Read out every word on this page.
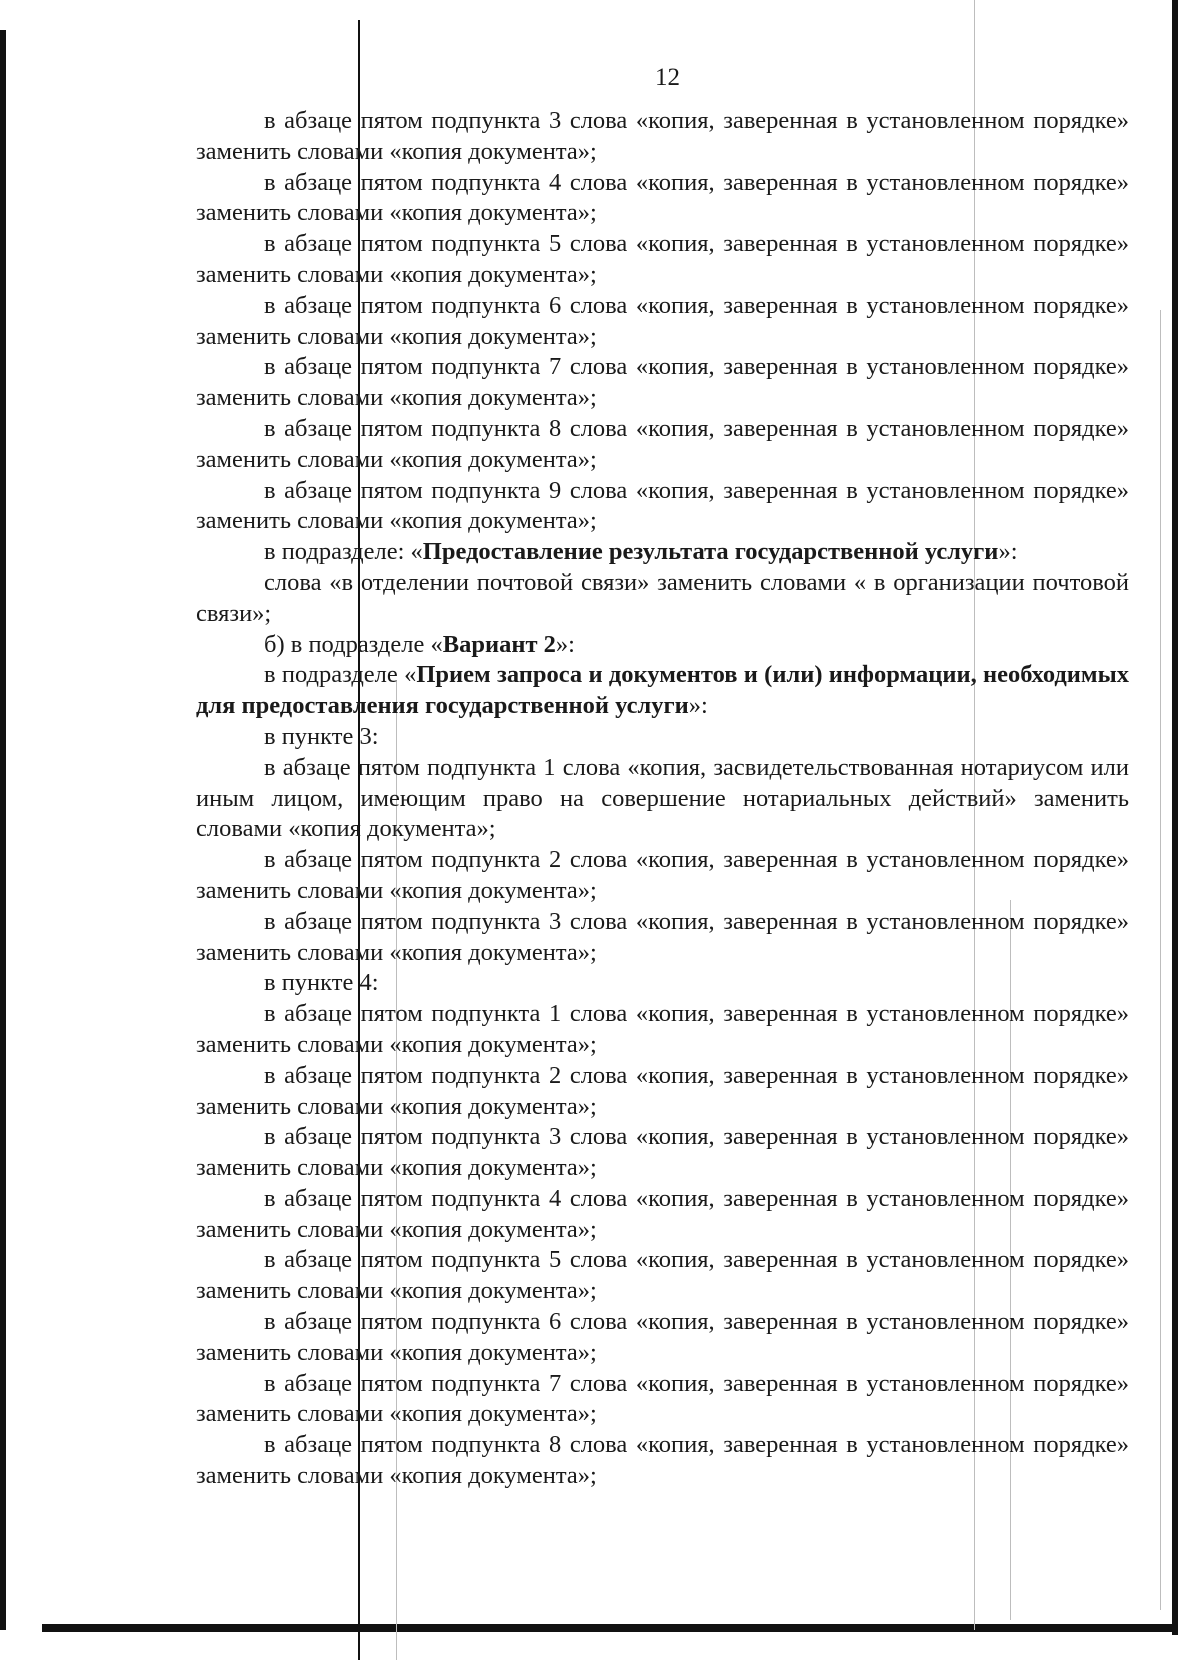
12

в абзаце пятом подпункта 3 слова «копия, заверенная в установленном порядке» заменить словами «копия документа»;

в абзаце пятом подпункта 4 слова «копия, заверенная в установленном порядке» заменить словами «копия документа»;

в абзаце пятом подпункта 5 слова «копия, заверенная в установленном порядке» заменить словами «копия документа»;

в абзаце пятом подпункта 6 слова «копия, заверенная в установленном порядке» заменить словами «копия документа»;

в абзаце пятом подпункта 7 слова «копия, заверенная в установленном порядке» заменить словами «копия документа»;

в абзаце пятом подпункта 8 слова «копия, заверенная в установленном порядке» заменить словами «копия документа»;

в абзаце пятом подпункта 9 слова «копия, заверенная в установленном порядке» заменить словами «копия документа»;

в подразделе: «Предоставление результата государственной услуги»:

слова «в отделении почтовой связи» заменить словами « в организации почтовой связи»;

б) в подразделе «Вариант 2»:

в подразделе «Прием запроса и документов и (или) информации, необходимых для предоставления государственной услуги»:

в пункте 3:

в абзаце пятом подпункта 1 слова «копия, засвидетельствованная нотариусом или иным лицом, имеющим право на совершение нотариальных действий» заменить словами «копия документа»;

в абзаце пятом подпункта 2 слова «копия, заверенная в установленном порядке» заменить словами «копия документа»;

в абзаце пятом подпункта 3 слова «копия, заверенная в установленном порядке» заменить словами «копия документа»;

в пункте 4:

в абзаце пятом подпункта 1 слова «копия, заверенная в установленном порядке» заменить словами «копия документа»;

в абзаце пятом подпункта 2 слова «копия, заверенная в установленном порядке» заменить словами «копия документа»;

в абзаце пятом подпункта 3 слова «копия, заверенная в установленном порядке» заменить словами «копия документа»;

в абзаце пятом подпункта 4 слова «копия, заверенная в установленном порядке» заменить словами «копия документа»;

в абзаце пятом подпункта 5 слова «копия, заверенная в установленном порядке» заменить словами «копия документа»;

в абзаце пятом подпункта 6 слова «копия, заверенная в установленном порядке» заменить словами «копия документа»;

в абзаце пятом подпункта 7 слова «копия, заверенная в установленном порядке» заменить словами «копия документа»;

в абзаце пятом подпункта 8 слова «копия, заверенная в установленном порядке» заменить словами «копия документа»;
